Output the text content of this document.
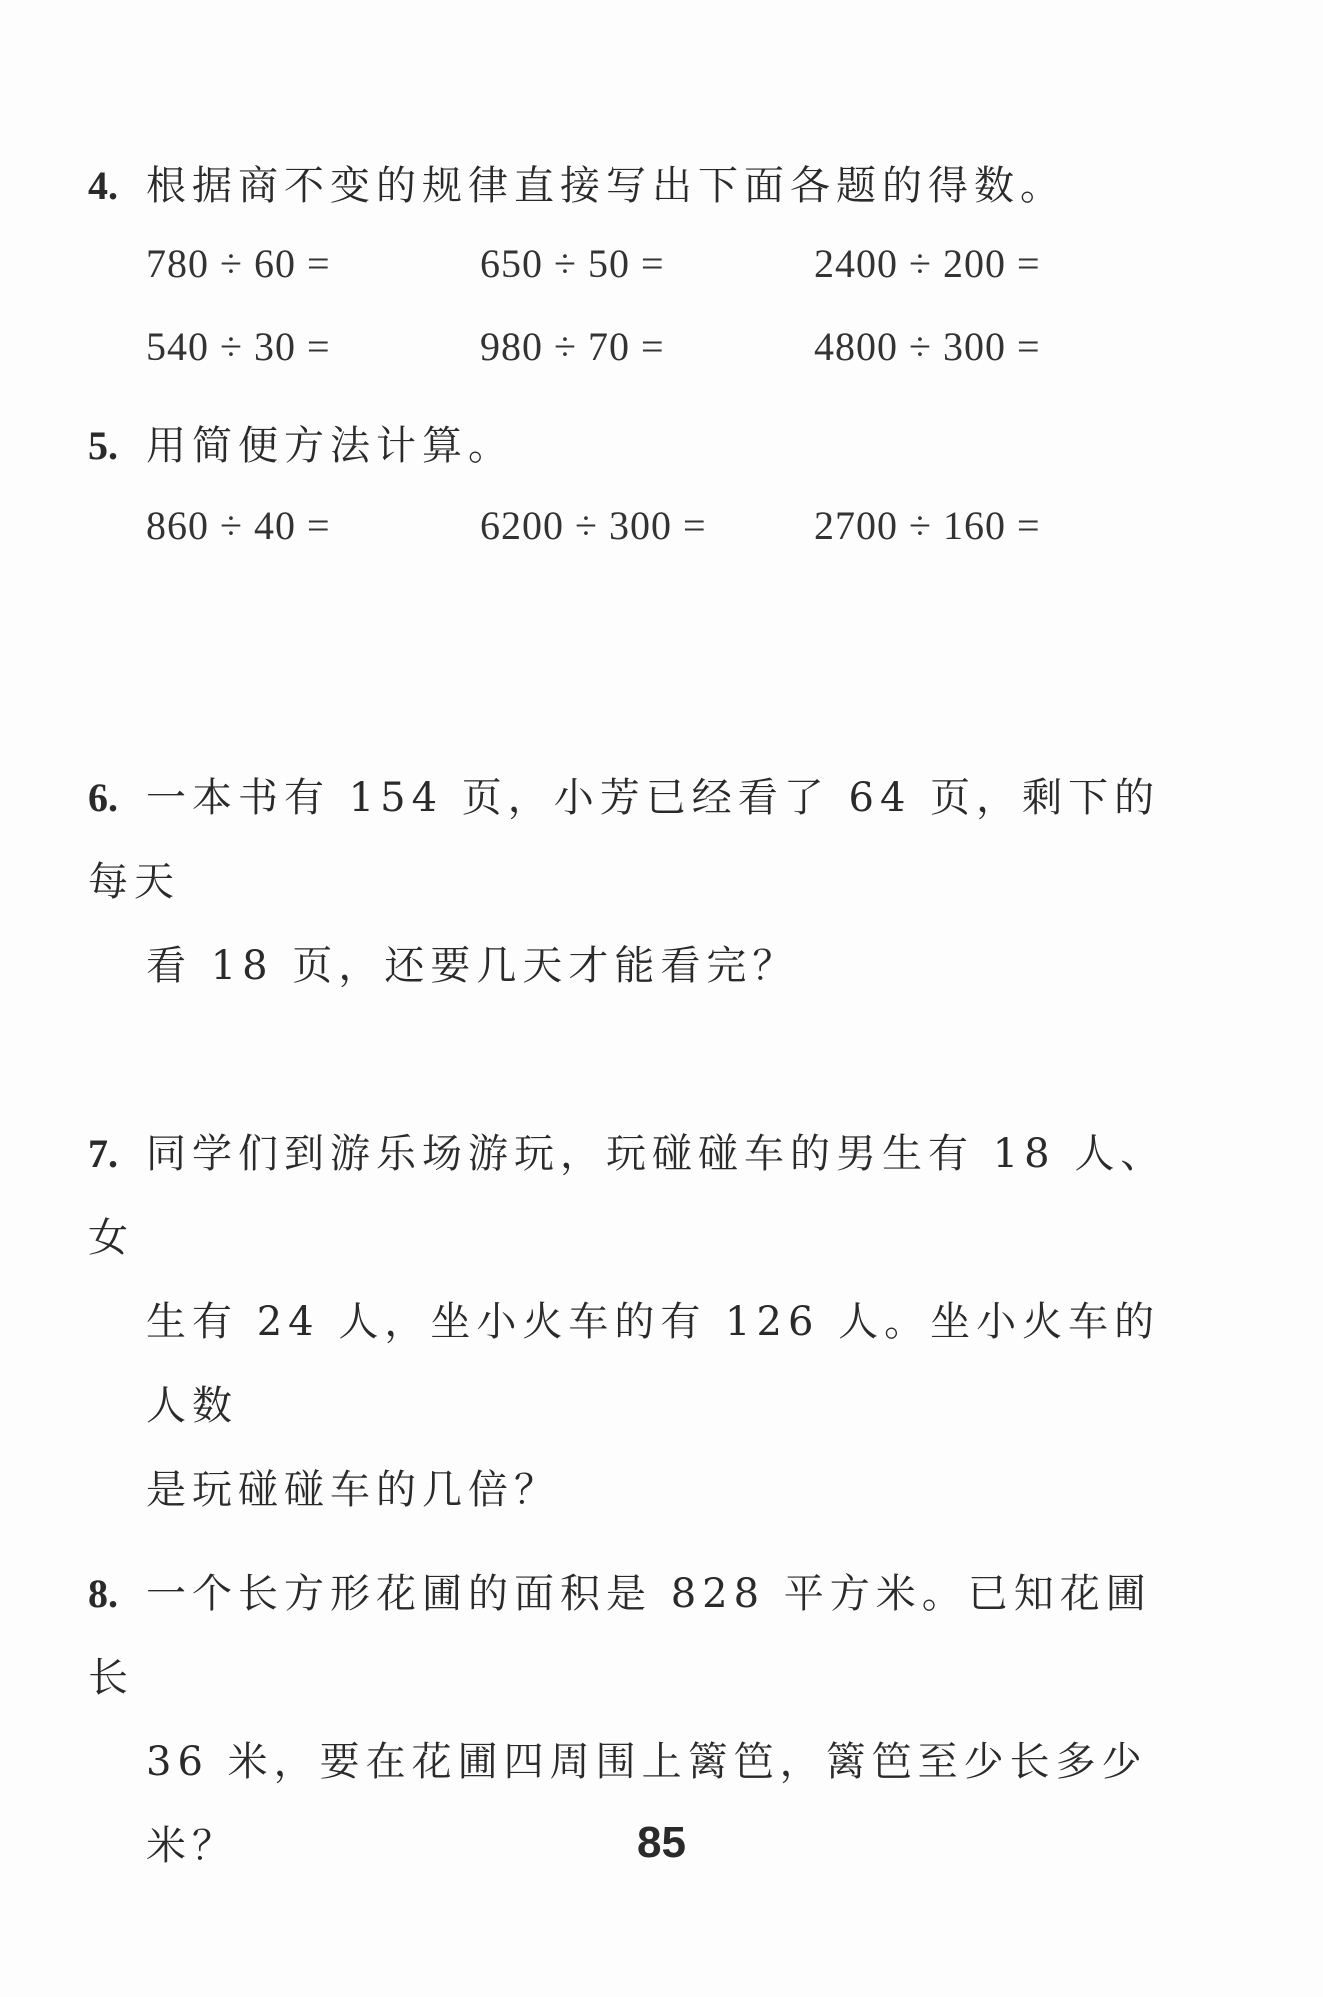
4. 根据商不变的规律直接写出下面各题的得数。
780 ÷ 60 =	650 ÷ 50 =	2400 ÷ 200 =
540 ÷ 30 =	980 ÷ 70 =	4800 ÷ 300 =
5. 用简便方法计算。
860 ÷ 40 =	6200 ÷ 300 =	2700 ÷ 160 =
6. 一本书有 154 页，小芳已经看了 64 页，剩下的每天
看 18 页，还要几天才能看完？
7. 同学们到游乐场游玩，玩碰碰车的男生有 18 人、女
生有 24 人，坐小火车的有 126 人。坐小火车的人数
是玩碰碰车的几倍？
8. 一个长方形花圃的面积是 828 平方米。已知花圃长
36 米，要在花圃四周围上篱笆，篱笆至少长多少米？	85
